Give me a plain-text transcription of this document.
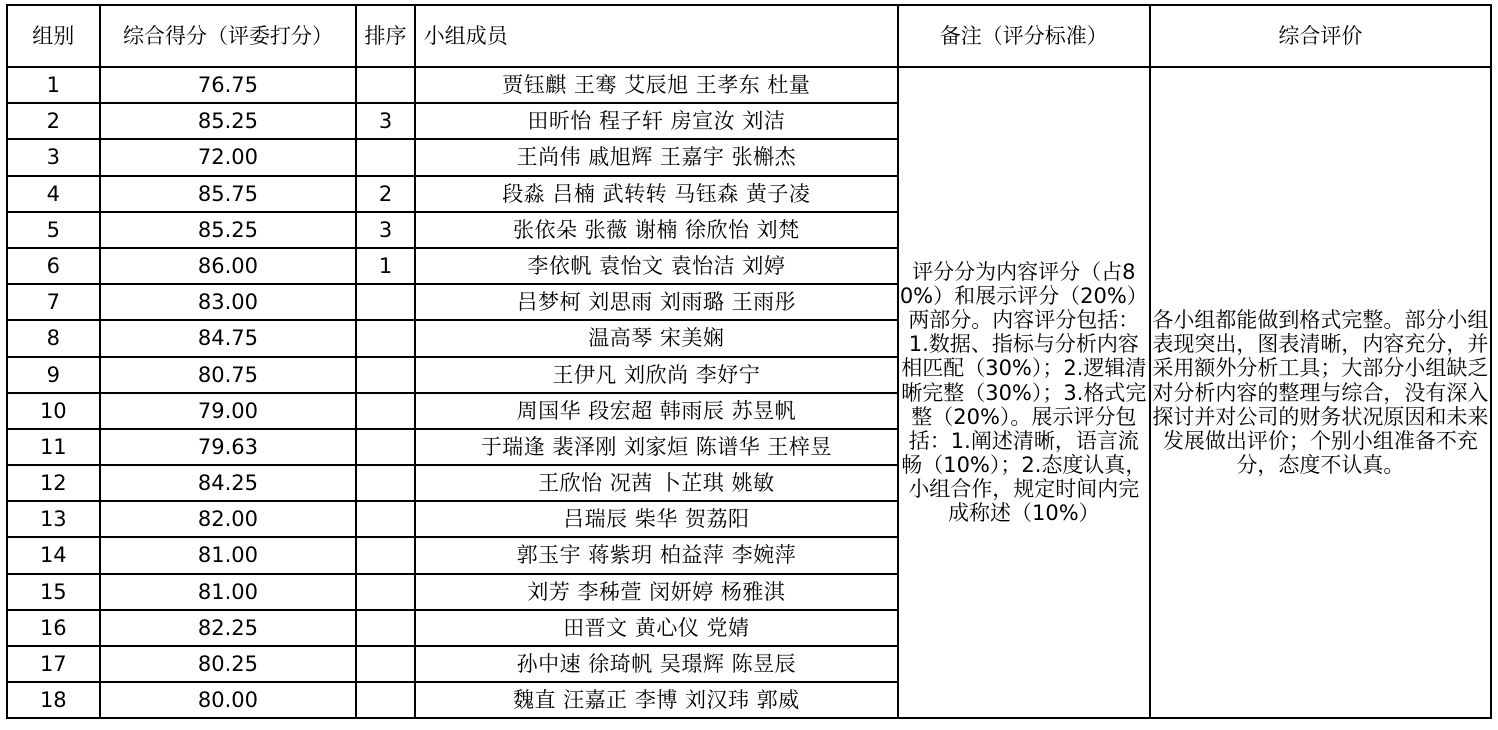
组别	综合得分（评委打分）	排序	小组成员	备注（评分标准）	综合评价
1	76.75		贾钰麒 王骞 艾辰旭 王孝东 杜量	评分分为内容评分（占80%）和展示评分（20%）两部分。内容评分包括：1.数据、指标与分析内容相匹配（30%）；2.逻辑清晰完整（30%）；3.格式完整（20%）。展示评分包括：1.阐述清晰，语言流畅（10%）；2.态度认真，小组合作，规定时间内完成称述（10%）	各小组都能做到格式完整。部分小组表现突出，图表清晰，内容充分，并采用额外分析工具；大部分小组缺乏对分析内容的整理与综合，没有深入探讨并对公司的财务状况原因和未来发展做出评价；个别小组准备不充分，态度不认真。

2	85.25	3	田昕怡 程子轩 房宣汝 刘洁		
3	72.00		王尚伟 戚旭辉 王嘉宇 张槲杰		
4	85.75	2	段淼 吕楠 武转转 马钰森 黄子凌		
5	85.25	3	张依朵 张薇 谢楠 徐欣怡 刘梵		
6	86.00	1	李依帆 袁怡文 袁怡洁 刘婷		
7	83.00		吕梦柯 刘思雨 刘雨璐 王雨彤		
8	84.75		温高琴 宋美娴		
9	80.75		王伊凡 刘欣尚 李妤宁		
10	79.00		周国华 段宏超 韩雨辰 苏昱帆		
11	79.63		于瑞逢 裴泽刚 刘家烜 陈谱华 王梓昱		
12	84.25		王欣怡 况茜 卜芷琪 姚敏		
13	82.00		吕瑞辰 柴华 贺荔阳		
14	81.00		郭玉宇 蒋紫玥 柏益萍 李婉萍		
15	81.00		刘芳 李秭萱 闵妍婷 杨雅淇		
16	82.25		田晋文 黄心仪 党婧		
17	80.25		孙中速 徐琦帆 吴璟辉 陈昱辰		
18	80.00		魏直 汪嘉正 李博 刘汉玮 郭威		
